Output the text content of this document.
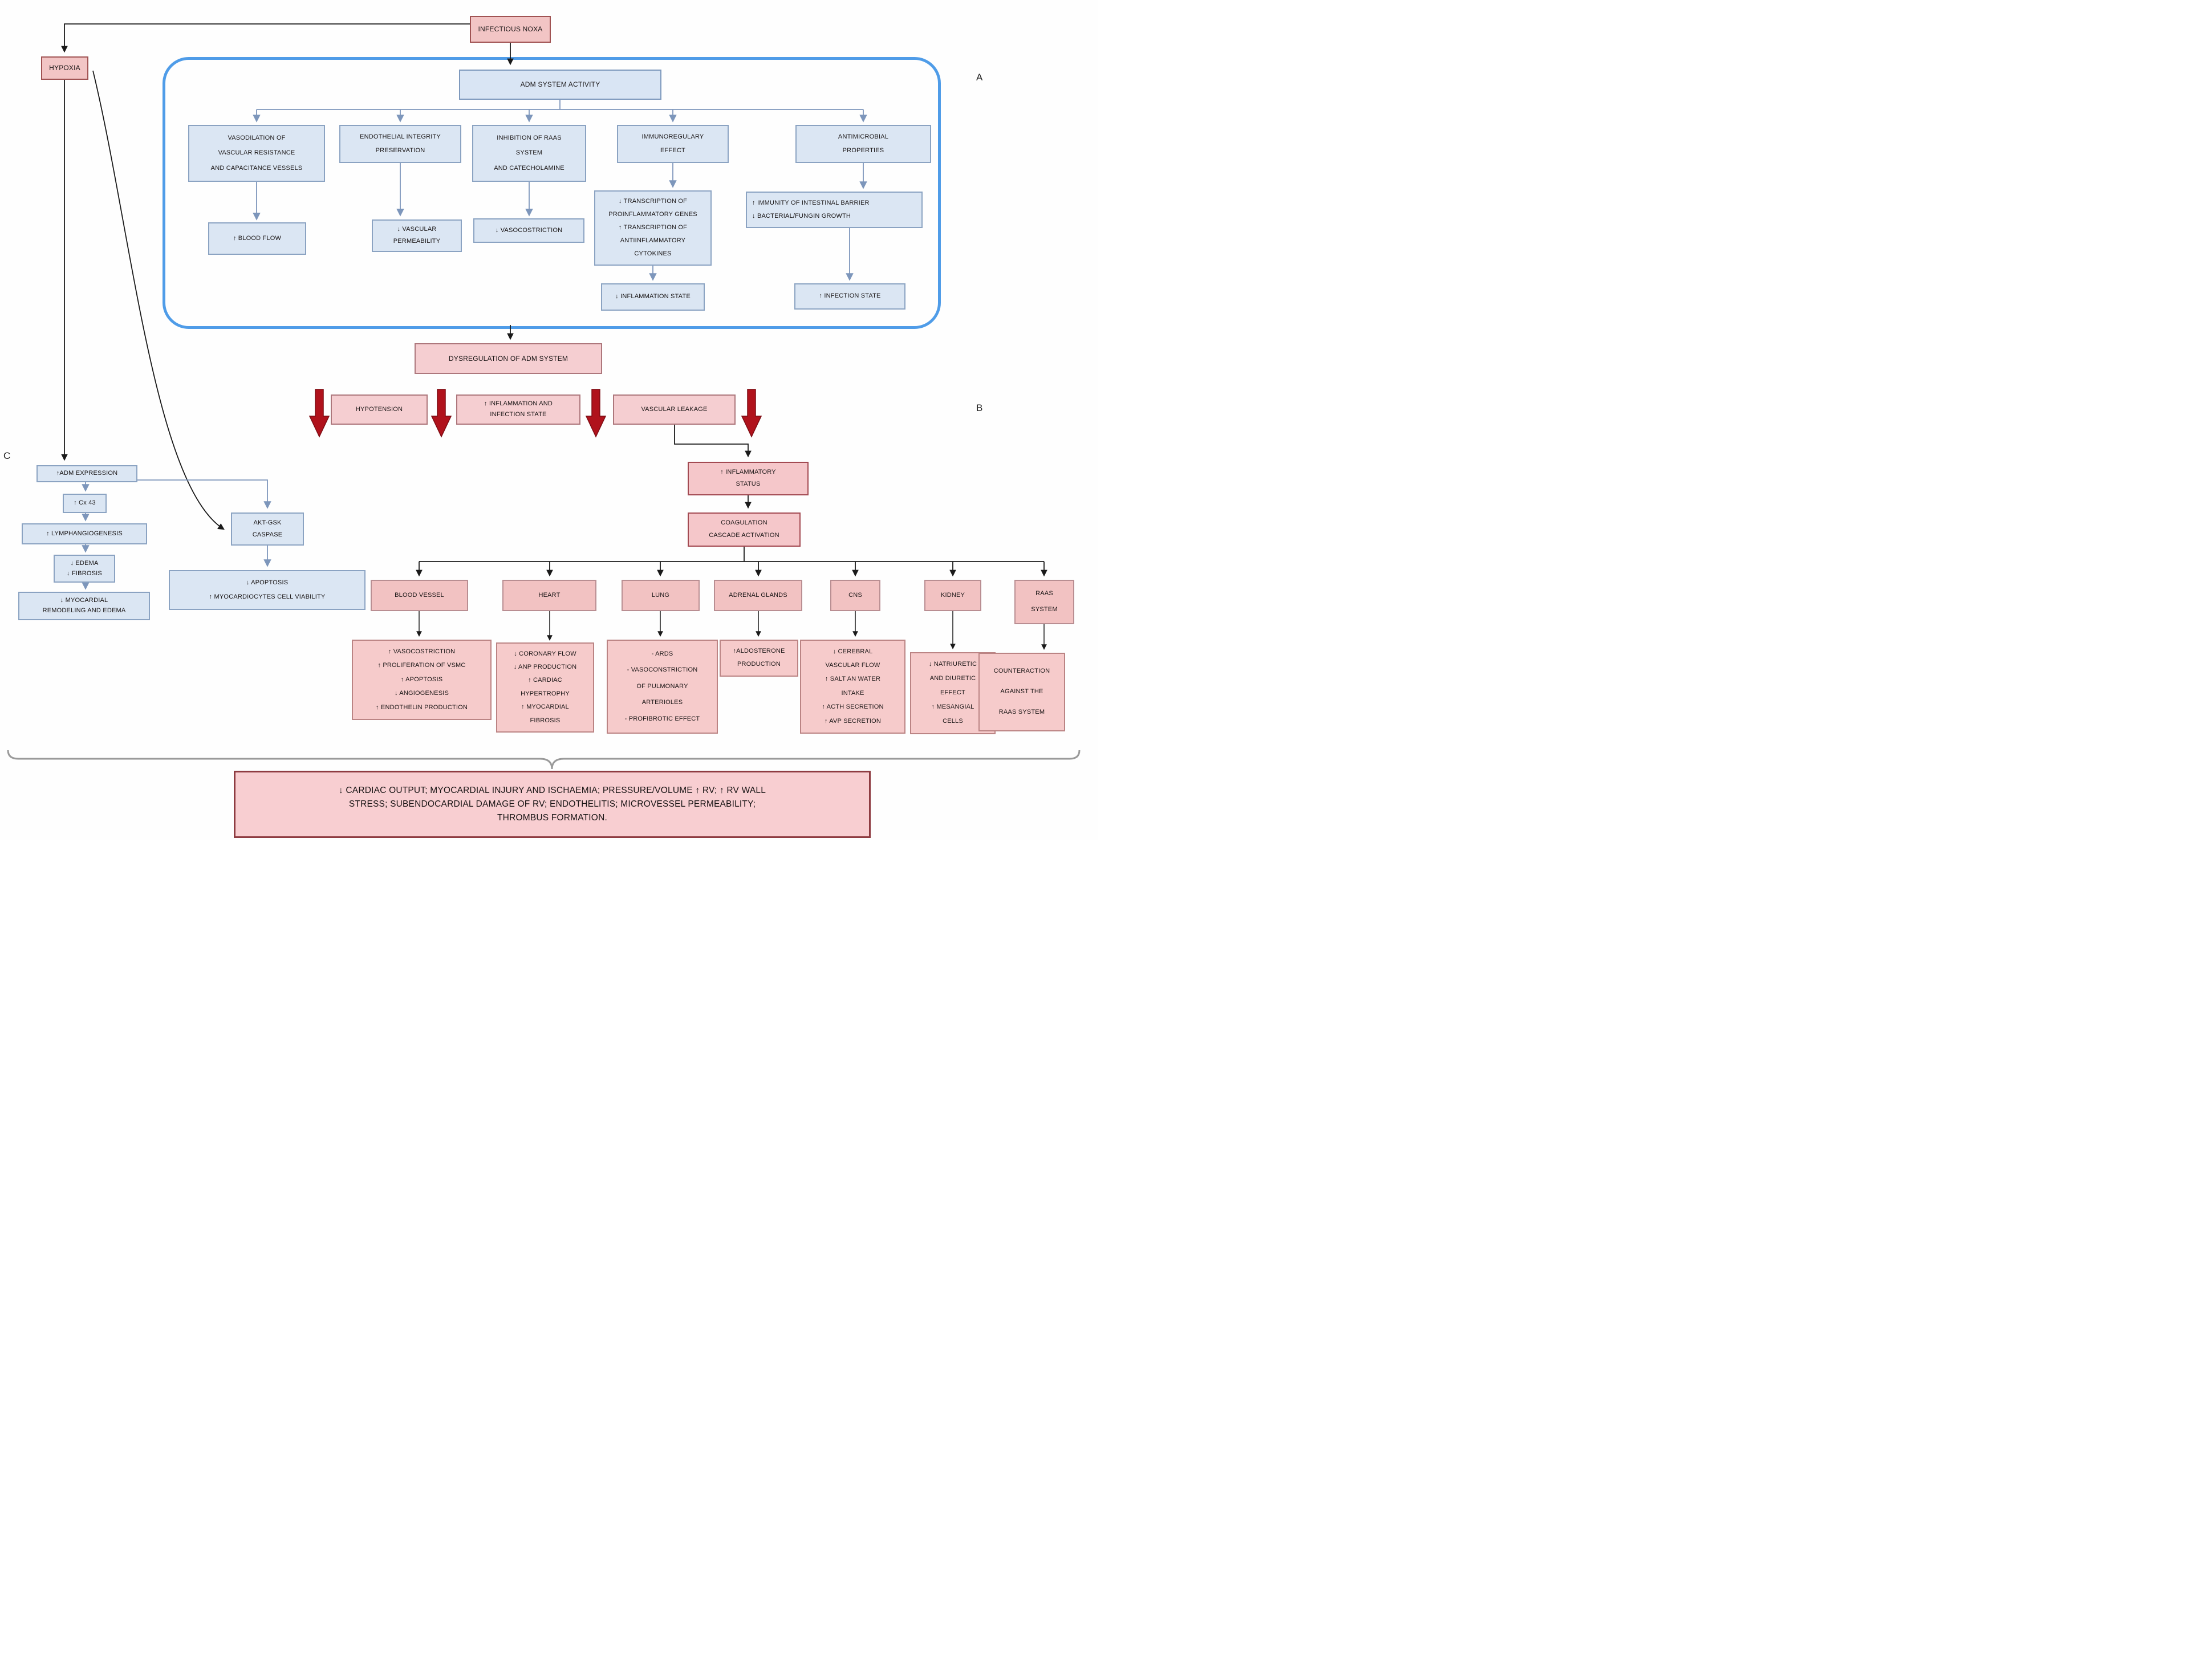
A
B
C
INFECTIOUS NOXA
HYPOXIA
ADM SYSTEM ACTIVITY
VASODILATION OF
VASCULAR RESISTANCE
AND CAPACITANCE VESSELS
ENDOTHELIAL INTEGRITY
PRESERVATION
INHIBITION OF RAAS
SYSTEM
AND CATECHOLAMINE
IMMUNOREGULARY
EFFECT
ANTIMICROBIAL
PROPERTIES
↑ BLOOD FLOW
↓ VASCULAR
PERMEABILITY
↓ VASOCOSTRICTION
↓ TRANSCRIPTION OF
PROINFLAMMATORY GENES
↑ TRANSCRIPTION OF
ANTIINFLAMMATORY
CYTOKINES
↑ IMMUNITY OF INTESTINAL BARRIER
↓ BACTERIAL/FUNGIN GROWTH
↓ INFLAMMATION STATE	↑ INFECTION STATE
DYSREGULATION OF ADM SYSTEM
HYPOTENSION
↑ INFLAMMATION AND
INFECTION STATE
VASCULAR LEAKAGE
↑ INFLAMMATORY
STATUS
COAGULATION
CASCADE ACTIVATION
BLOOD VESSEL	HEART	LUNG	ADRENAL GLANDS	CNS	KIDNEY	RAAS
SYSTEM
↑ VASOCOSTRICTION
↑ PROLIFERATION OF VSMC
↑ APOPTOSIS
↓ ANGIOGENESIS
↑ ENDOTHELIN PRODUCTION
↓ CORONARY FLOW
↓ ANP PRODUCTION
↑ CARDIAC
HYPERTROPHY
↑ MYOCARDIAL
FIBROSIS
- ARDS
- VASOCONSTRICTION
OF PULMONARY
ARTERIOLES
- PROFIBROTIC EFFECT
↑ALDOSTERONE
PRODUCTION
↓ CEREBRAL
VASCULAR FLOW
↑ SALT AN WATER
INTAKE
↑ ACTH SECRETION
↑ AVP SECRETION
↓ NATRIURETIC
AND DIURETIC
EFFECT
↑ MESANGIAL
CELLS
COUNTERACTION
AGAINST THE
RAAS SYSTEM
↑ADM EXPRESSION
↑ Cx 43
↑ LYMPHANGIOGENESIS
↓ EDEMA
↓ FIBROSIS
↓ MYOCARDIAL
REMODELING AND EDEMA
AKT-GSK
CASPASE
↓ APOPTOSIS
↑ MYOCARDIOCYTES CELL VIABILITY
↓ CARDIAC OUTPUT; MYOCARDIAL INJURY AND ISCHAEMIA; PRESSURE/VOLUME ↑ RV; ↑ RV WALL
STRESS; SUBENDOCARDIAL DAMAGE OF RV; ENDOTHELITIS; MICROVESSEL PERMEABILITY;
THROMBUS FORMATION.
